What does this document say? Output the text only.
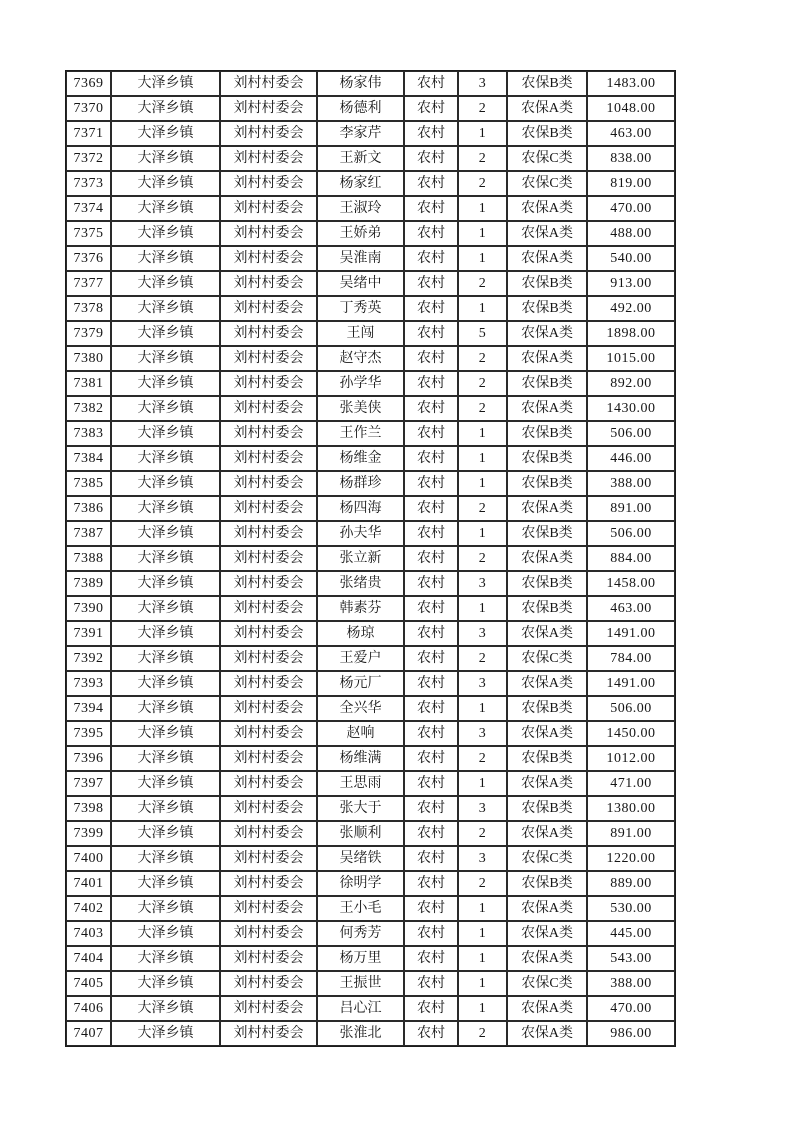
7369	大泽乡镇	刘村村委会	杨家伟	农村	3	农保B类	1483.00
7370	大泽乡镇	刘村村委会	杨德利	农村	2	农保A类	1048.00
7371	大泽乡镇	刘村村委会	李家芹	农村	1	农保B类	463.00
7372	大泽乡镇	刘村村委会	王新文	农村	2	农保C类	838.00
7373	大泽乡镇	刘村村委会	杨家红	农村	2	农保C类	819.00
7374	大泽乡镇	刘村村委会	王淑玲	农村	1	农保A类	470.00
7375	大泽乡镇	刘村村委会	王娇弟	农村	1	农保A类	488.00
7376	大泽乡镇	刘村村委会	吴淮南	农村	1	农保A类	540.00
7377	大泽乡镇	刘村村委会	吴绪中	农村	2	农保B类	913.00
7378	大泽乡镇	刘村村委会	丁秀英	农村	1	农保B类	492.00
7379	大泽乡镇	刘村村委会	王闯	农村	5	农保A类	1898.00
7380	大泽乡镇	刘村村委会	赵守杰	农村	2	农保A类	1015.00
7381	大泽乡镇	刘村村委会	孙学华	农村	2	农保B类	892.00
7382	大泽乡镇	刘村村委会	张美侠	农村	2	农保A类	1430.00
7383	大泽乡镇	刘村村委会	王作兰	农村	1	农保B类	506.00
7384	大泽乡镇	刘村村委会	杨维金	农村	1	农保B类	446.00
7385	大泽乡镇	刘村村委会	杨群珍	农村	1	农保B类	388.00
7386	大泽乡镇	刘村村委会	杨四海	农村	2	农保A类	891.00
7387	大泽乡镇	刘村村委会	孙夫华	农村	1	农保B类	506.00
7388	大泽乡镇	刘村村委会	张立新	农村	2	农保A类	884.00
7389	大泽乡镇	刘村村委会	张绪贵	农村	3	农保B类	1458.00
7390	大泽乡镇	刘村村委会	韩素芬	农村	1	农保B类	463.00
7391	大泽乡镇	刘村村委会	杨琼	农村	3	农保A类	1491.00
7392	大泽乡镇	刘村村委会	王爱户	农村	2	农保C类	784.00
7393	大泽乡镇	刘村村委会	杨元厂	农村	3	农保A类	1491.00
7394	大泽乡镇	刘村村委会	全兴华	农村	1	农保B类	506.00
7395	大泽乡镇	刘村村委会	赵响	农村	3	农保A类	1450.00
7396	大泽乡镇	刘村村委会	杨维满	农村	2	农保B类	1012.00
7397	大泽乡镇	刘村村委会	王思雨	农村	1	农保A类	471.00
7398	大泽乡镇	刘村村委会	张大于	农村	3	农保B类	1380.00
7399	大泽乡镇	刘村村委会	张顺利	农村	2	农保A类	891.00
7400	大泽乡镇	刘村村委会	吴绪铁	农村	3	农保C类	1220.00
7401	大泽乡镇	刘村村委会	徐明学	农村	2	农保B类	889.00
7402	大泽乡镇	刘村村委会	王小毛	农村	1	农保A类	530.00
7403	大泽乡镇	刘村村委会	何秀芳	农村	1	农保A类	445.00
7404	大泽乡镇	刘村村委会	杨万里	农村	1	农保A类	543.00
7405	大泽乡镇	刘村村委会	王振世	农村	1	农保C类	388.00
7406	大泽乡镇	刘村村委会	吕心江	农村	1	农保A类	470.00
7407	大泽乡镇	刘村村委会	张淮北	农村	2	农保A类	986.00
